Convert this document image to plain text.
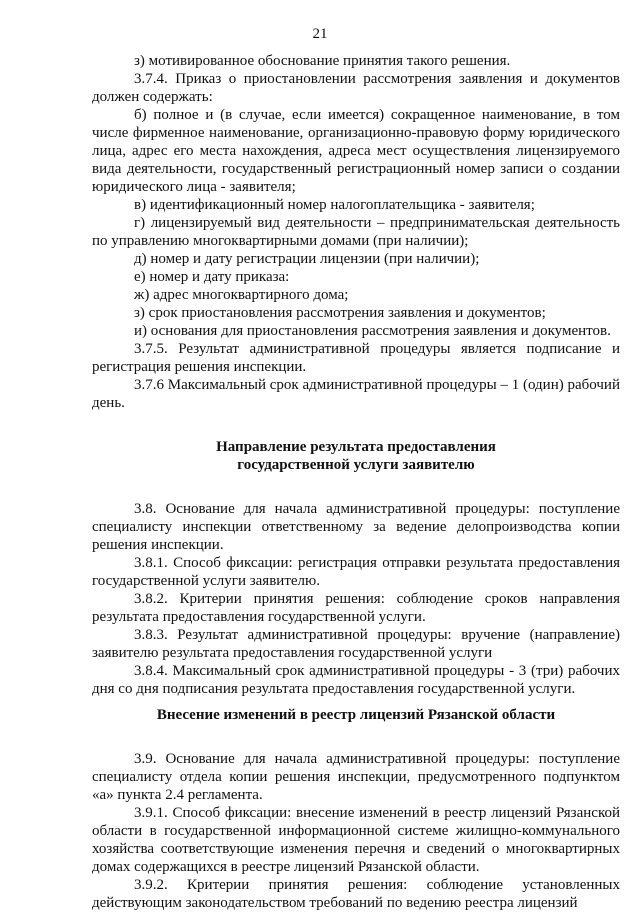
21

з) мотивированное обоснование принятия такого решения.

3.7.4. Приказ о приостановлении рассмотрения заявления и документов должен содержать:

б) полное и (в случае, если имеется) сокращенное наименование, в том числе фирменное наименование, организационно-правовую форму юридического лица, адрес его места нахождения, адреса мест осуществления лицензируемого вида деятельности, государственный регистрационный номер записи о создании юридического лица - заявителя;

в) идентификационный номер налогоплательщика - заявителя;

г) лицензируемый вид деятельности – предпринимательская деятельность по управлению многоквартирными домами (при наличии);

д) номер и дату регистрации лицензии (при наличии);

е) номер и дату приказа:

ж) адрес многоквартирного дома;

з) срок приостановления рассмотрения заявления и документов;

и) основания для приостановления рассмотрения заявления и документов.

3.7.5. Результат административной процедуры является подписание и регистрация решения инспекции.

3.7.6 Максимальный срок административной процедуры – 1 (один) рабочий день.

Направление результата предоставления
государственной услуги заявителю

3.8. Основание для начала административной процедуры: поступление специалисту инспекции ответственному за ведение делопроизводства копии решения инспекции.

3.8.1. Способ фиксации: регистрация отправки результата предоставления государственной услуги заявителю.

3.8.2. Критерии принятия решения: соблюдение сроков направления результата предоставления государственной услуги.

3.8.3. Результат административной процедуры: вручение (направление) заявителю результата предоставления государственной услуги

3.8.4. Максимальный срок административной процедуры - 3 (три) рабочих дня со дня подписания результата предоставления государственной услуги.

Внесение изменений в реестр лицензий Рязанской области

3.9. Основание для начала административной процедуры: поступление специалисту отдела копии решения инспекции, предусмотренного подпунктом «а» пункта 2.4 регламента.

3.9.1. Способ фиксации: внесение изменений в реестр лицензий Рязанской области в государственной информационной системе жилищно-коммунального хозяйства соответствующие изменения перечня и сведений о многоквартирных домах содержащихся в реестре лицензий Рязанской области.

3.9.2. Критерии принятия решения: соблюдение установленных действующим законодательством требований по ведению реестра лицензий
